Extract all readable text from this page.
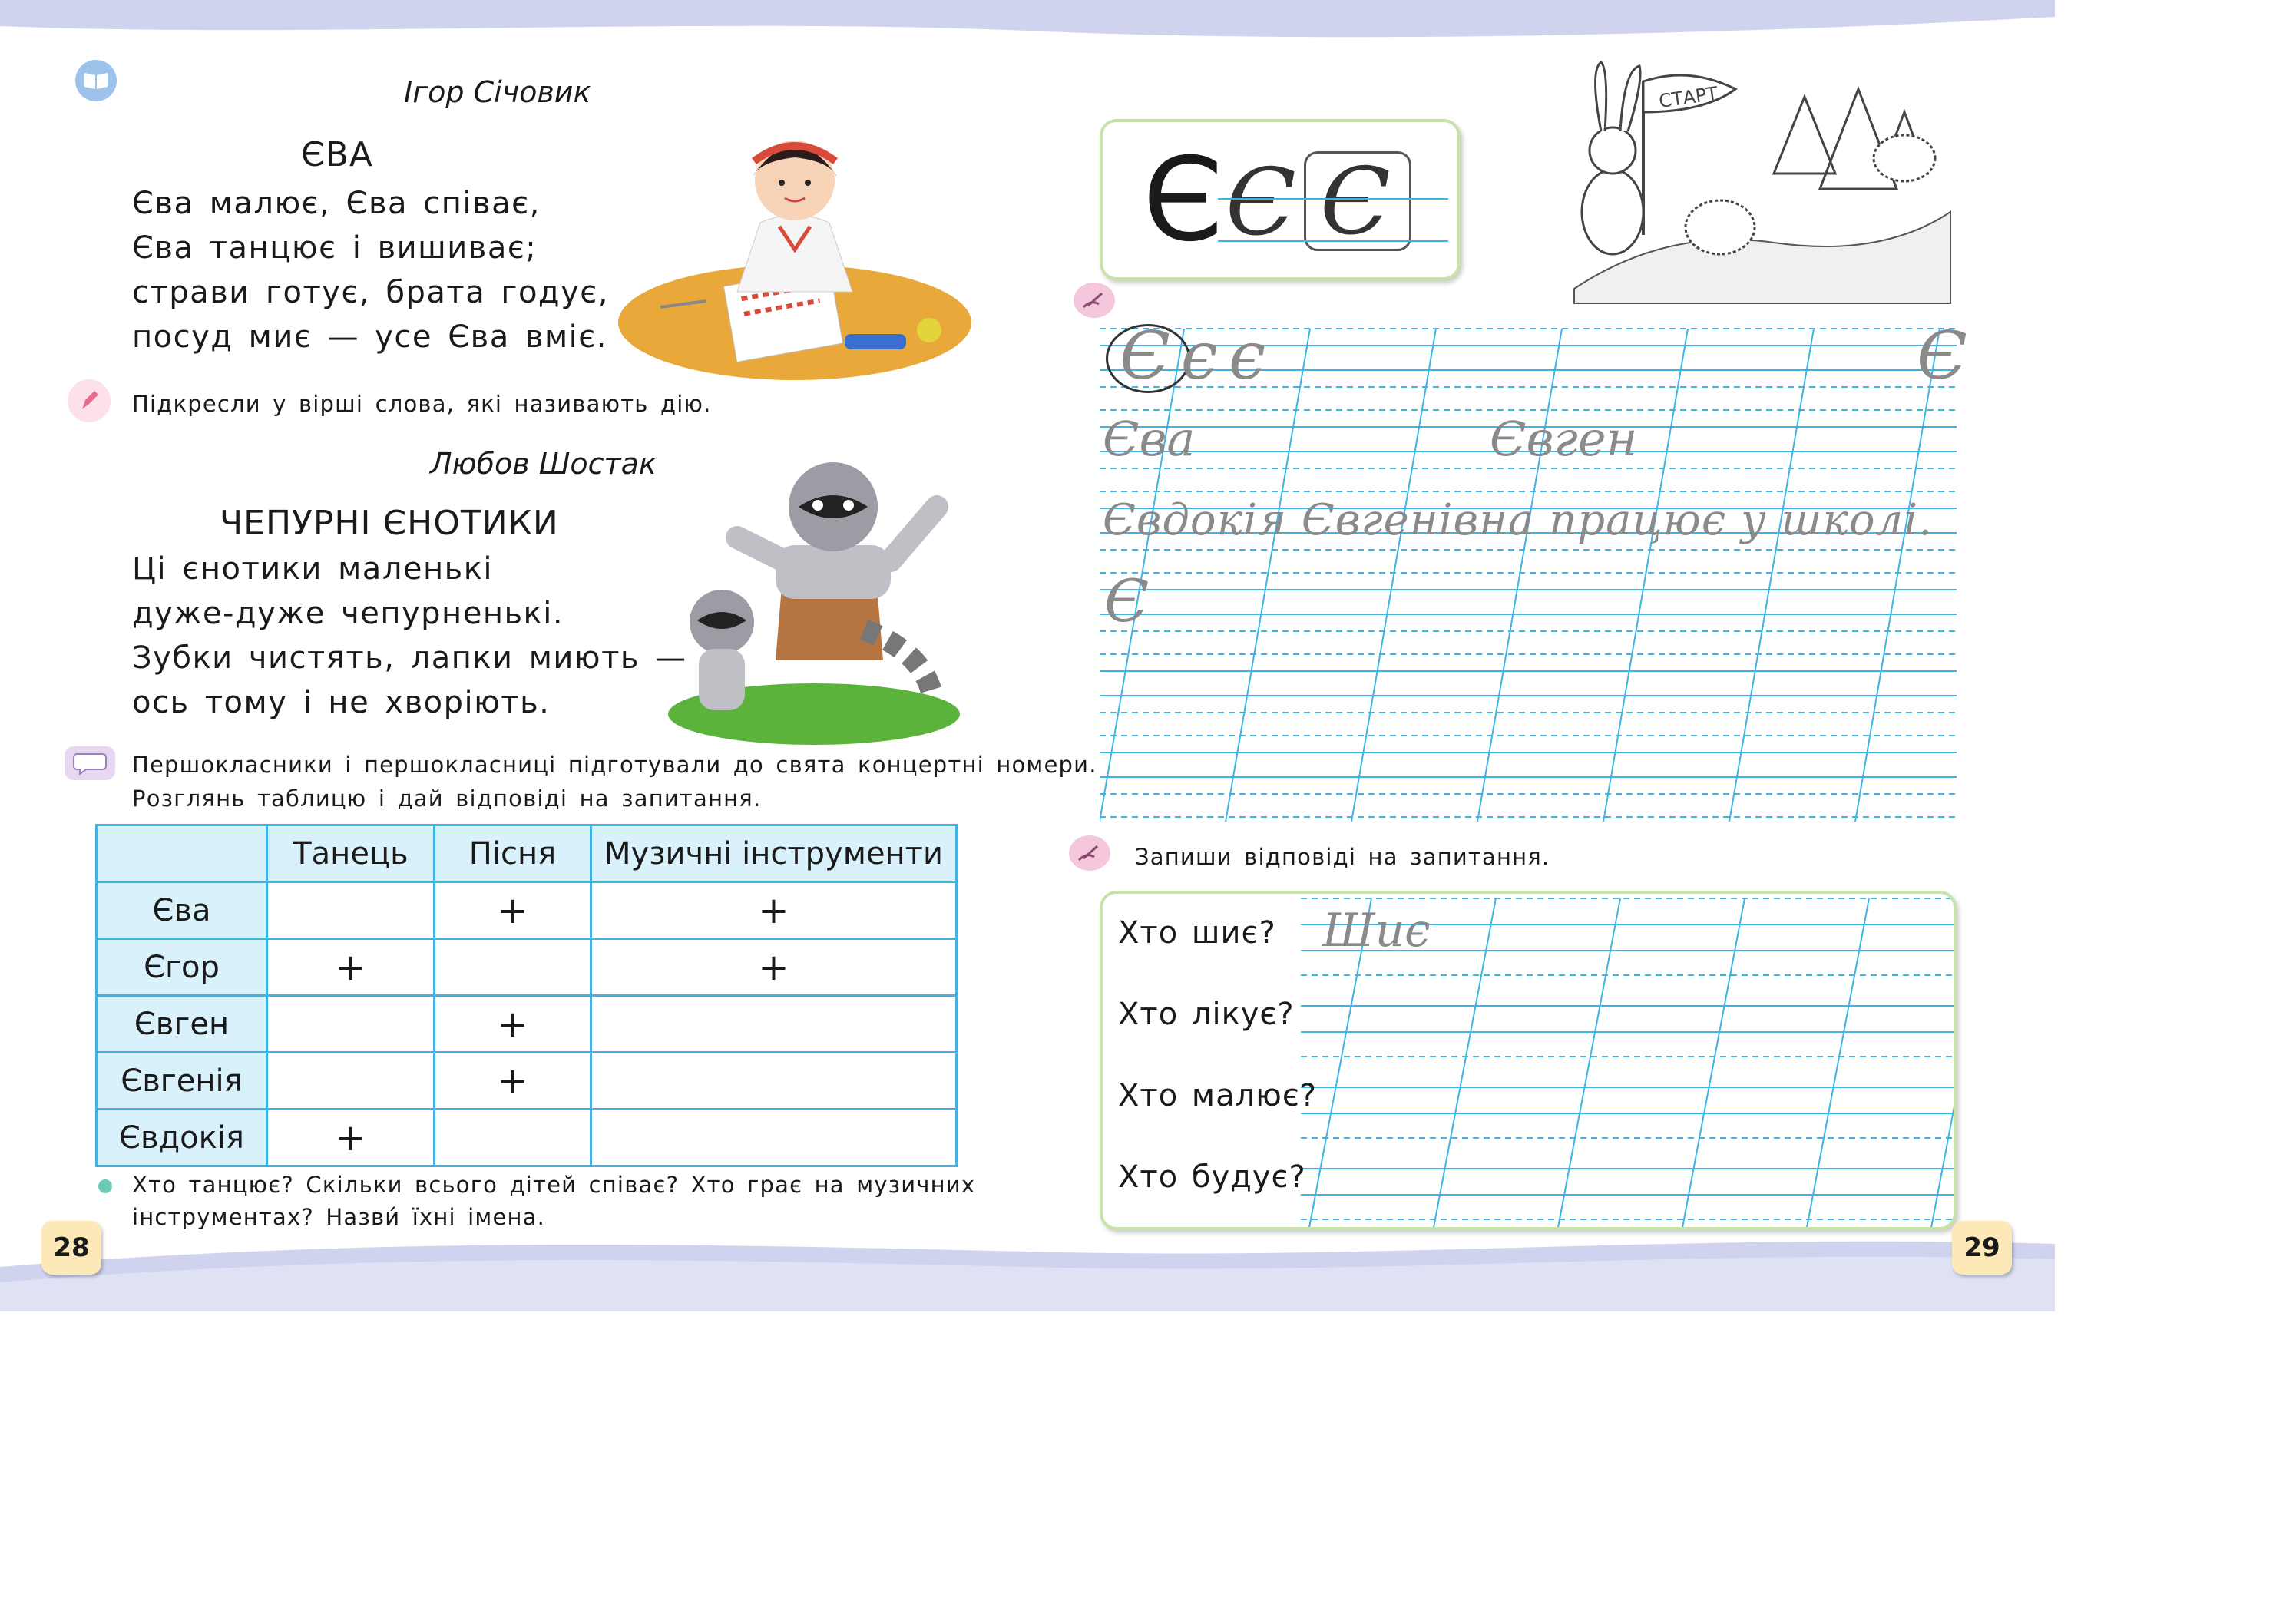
Ігор Січовик
ЄВА
Єва малює, Єва співає,
Єва танцює і вишиває;
страви готує, брата годує,
посуд миє — усе Єва вміє.
Підкресли у вірші слова, які називають дію.
Любов Шостак
ЧЕПУРНІ ЄНОТИКИ
Ці єнотики маленькі
дуже-дуже чепурненькі.
Зубки чистять, лапки миють —
ось тому і не хворіють.
Першокласники і першокласниці підготували до свята концертні номери.
Розглянь таблицю і дай відповіді на запитання.
	Танець	Пісня	Музичні інструменти
Єва		+	+
Єгор	+		+
Євген		+	
Євгенія		+	
Євдокія	+		
Хто танцює? Скільки всього дітей співає? Хто грає на музичних
інструментах? Назви́ їхні імена.
28
Є Є Є
СТАРТ
Єєє	Є
Єва	Євген
Євдокія Євгенівна працює у школі.
Є
Запиши відповіді на запитання.
Хто шиє? Шиє
Хто лікує?
Хто малює?
Хто будує?
29
